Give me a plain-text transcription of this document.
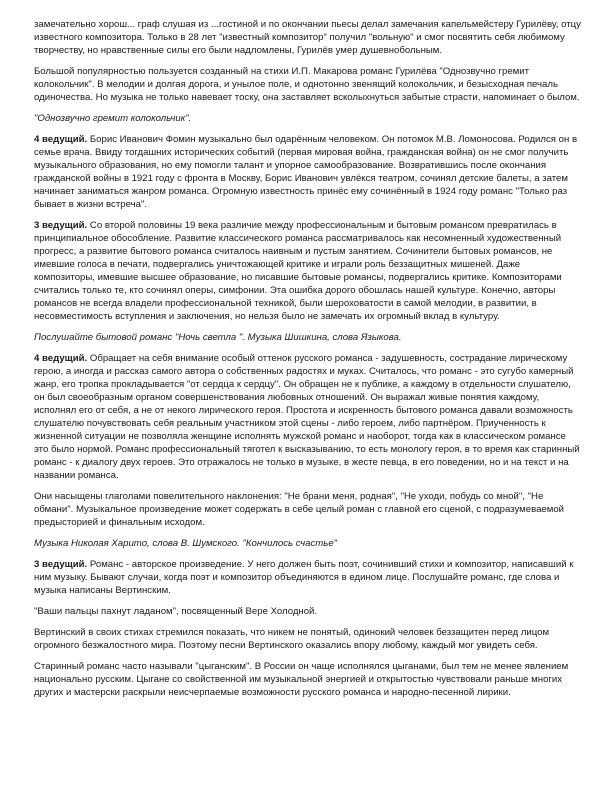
замечательно хорош... граф слушая из ...гостиной и по окончании пьесы делал замечания капельмейстеру Гурилёву, отцу известного композитора. Только в 28 лет "известный композитор" получил "вольную" и смог посвятить себя любимому творчеству, но нравственные силы его были надломлены, Гурилёв умер душевнобольным.

Большой популярностью пользуется созданный на стихи И.П. Макарова романс Гурилёва "Однозвучно гремит колокольчик". В мелодии и долгая дорога, и унылое поле, и однотонно звенящий колокольчик, и безысходная печаль одиночества. Но музыка не только навевает тоску, она заставляет всколыхнуться забытые страсти, напоминает о былом.

"Однозвучно гремит колокольчик".

4 ведущий. Борис Иванович Фомин музыкально был одарённым человеком. Он потомок М.В. Ломоносова. Родился он в семье врача. Ввиду тогдашних исторических событий (первая мировая война, гражданская война) он не смог получить музыкального образования, но ему помогли талант и упорное самообразование. Возвратившись после окончания гражданской войны в 1921 году с фронта в Москву, Борис Иванович увлёкся театром, сочинял детские балеты, а затем начинает заниматься жанром романса. Огромную известность принёс ему сочинённый в 1924 году романс "Только раз бывает в жизни встреча".

3 ведущий. Со второй половины 19 века различие между профессиональным и бытовым романсом превратилась в принципиальное обособление. Развитие классического романса рассматривалось как несомненный художественный прогресс, а развитие бытового романса считалось наивным и пустым занятием. Сочинители бытовых романсов, не имевшие голоса в печати, подвергались уничтожающей критике и играли роль беззащитных мишеней. Даже композиторы, имевшие высшее образование, но писавшие бытовые романсы, подвергались критике. Композиторами считались только те, кто сочинял оперы, симфонии. Эта ошибка дорого обошлась нашей культуре. Конечно, авторы романсов не всегда владели профессиональной техникой, были шероховатости в самой мелодии, в развитии, в несовместимость вступления и заключения, но нельзя было не замечать их огромный вклад в культуру.

Послушайте бытовой романс "Ночь светла ". Музыка Шишкина, слова Языкова.

4 ведущий. Обращает на себя внимание особый оттенок русского романса - задушевность, сострадание лирическому герою, а иногда и рассказ самого автора о собственных радостях и муках. Считалось, что романс - это сугубо камерный жанр, его тропка прокладывается "от сердца к сердцу". Он обращен не к публике, а каждому в отдельности слушателю, он был своеобразным органом совершенствования любовных отношений. Он выражал живые понятия каждому, исполнял его от себя, а не от некого лирического героя. Простота и искренность бытового романса давали возможность слушателю почувствовать себя реальным участником этой сцены - либо героем, либо партнёром. Приученность к жизненной ситуации не позволяла женщине исполнять мужской романс и наоборот, тогда как в классическом романсе это было нормой. Романс профессиональный тяготел к высказыванию, то есть монологу героя, в то время как старинный романс - к диалогу двух героев. Это отражалось не только в музыке, в жесте певца, в его поведении, но и на текст и на названии романса.

Они насыщены глаголами повелительного наклонения: "Не брани меня, родная", "Не уходи, побудь со мной", "Не обмани". Музыкальное произведение может содержать в себе целый роман с главной его сценой, с подразумеваемой предысторией и финальным исходом.

Музыка Николая Харито, слова В. Шумского. "Кончилось счастье"

3 ведущий. Романс - авторское произведение. У него должен быть поэт, сочинивший стихи и композитор, написавший к ним музыку. Бывают случаи, когда поэт и композитор объединяются в едином лице. Послушайте романс, где слова и музыка написаны Вертинским.

"Ваши пальцы пахнут ладаном", посвященный Вере Холодной.

Вертинский в своих стихах стремился показать, что никем не понятый, одинокий человек беззащитен перед лицом огромного безжалостного мира. Поэтому песни Вертинского оказались впору любому, каждый мог увидеть себя.

Старинный романс часто называли "цыганским". В России он чаще исполнялся цыганами, был тем не менее явлением национально русским. Цыгане со свойственной им музыкальной энергией и открытостью чувствовали раньше многих других и мастерски раскрыли неисчерпаемые возможности русского романса и народно-песенной лирики.
